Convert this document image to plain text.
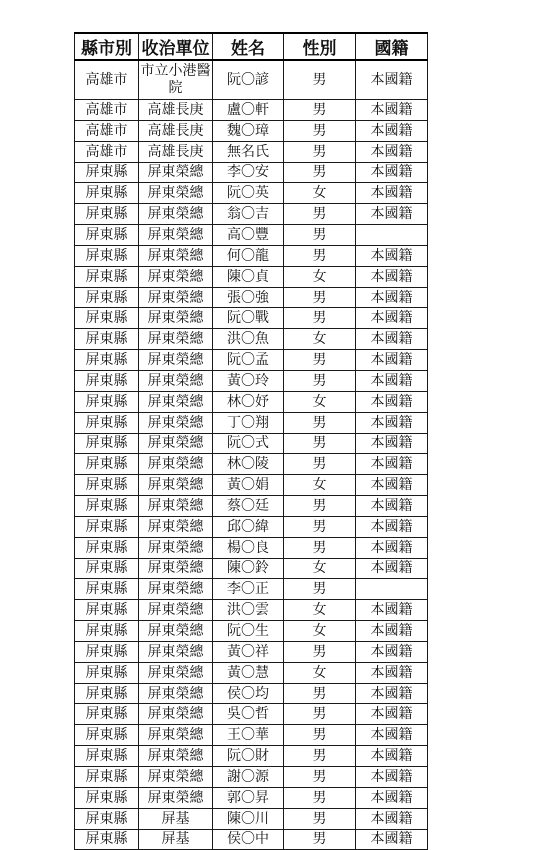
縣市別	收治單位	姓名	性別	國籍
高雄市	市立小港醫院	阮〇諺	男	本國籍
高雄市	高雄長庚	盧〇軒	男	本國籍
高雄市	高雄長庚	魏〇璋	男	本國籍
高雄市	高雄長庚	無名氏	男	本國籍
屏東縣	屏東榮總	李〇安	男	本國籍
屏東縣	屏東榮總	阮〇英	女	本國籍
屏東縣	屏東榮總	翁〇吉	男	本國籍
屏東縣	屏東榮總	高〇豐	男	
屏東縣	屏東榮總	何〇龍	男	本國籍
屏東縣	屏東榮總	陳〇貞	女	本國籍
屏東縣	屏東榮總	張〇強	男	本國籍
屏東縣	屏東榮總	阮〇戰	男	本國籍
屏東縣	屏東榮總	洪〇魚	女	本國籍
屏東縣	屏東榮總	阮〇孟	男	本國籍
屏東縣	屏東榮總	黃〇玲	男	本國籍
屏東縣	屏東榮總	林〇妤	女	本國籍
屏東縣	屏東榮總	丁〇翔	男	本國籍
屏東縣	屏東榮總	阮〇式	男	本國籍
屏東縣	屏東榮總	林〇陵	男	本國籍
屏東縣	屏東榮總	黃〇娟	女	本國籍
屏東縣	屏東榮總	蔡〇廷	男	本國籍
屏東縣	屏東榮總	邱〇緯	男	本國籍
屏東縣	屏東榮總	楊〇良	男	本國籍
屏東縣	屏東榮總	陳〇鈴	女	本國籍
屏東縣	屏東榮總	李〇正	男	
屏東縣	屏東榮總	洪〇雲	女	本國籍
屏東縣	屏東榮總	阮〇生	女	本國籍
屏東縣	屏東榮總	黃〇祥	男	本國籍
屏東縣	屏東榮總	黃〇慧	女	本國籍
屏東縣	屏東榮總	侯〇均	男	本國籍
屏東縣	屏東榮總	吳〇哲	男	本國籍
屏東縣	屏東榮總	王〇華	男	本國籍
屏東縣	屏東榮總	阮〇財	男	本國籍
屏東縣	屏東榮總	謝〇源	男	本國籍
屏東縣	屏東榮總	郭〇昇	男	本國籍
屏東縣	屏基	陳〇川	男	本國籍
屏東縣	屏基	侯〇中	男	本國籍
